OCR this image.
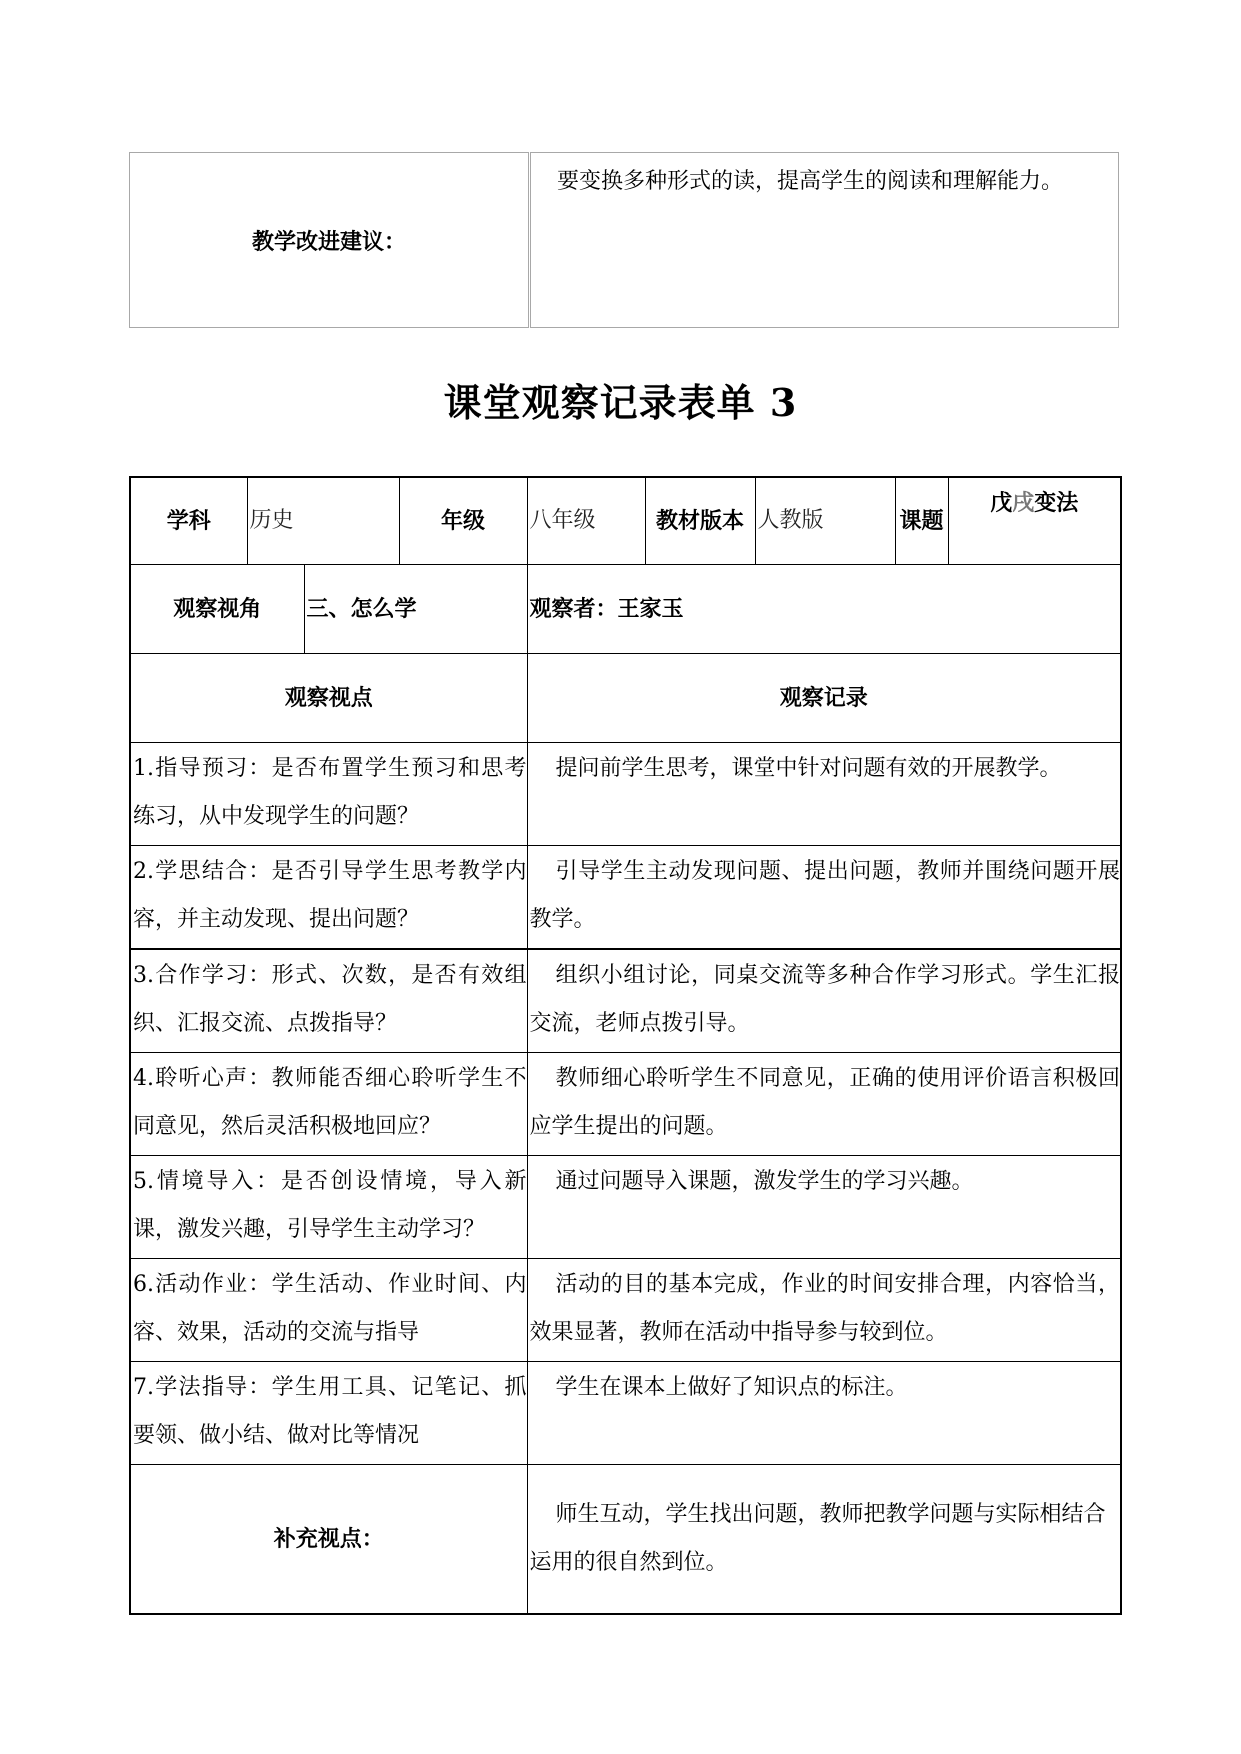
教学改进建议：	要变换多种形式的读，提高学生的阅读和理解能力。
课堂观察记录表单 3
学科	历史		年级	八年级	教材版本	人教版	课题	戊戌变法
观察视角		三、怎么学		观察者：王家玉				
观察视点				观察记录				
1.指导预习：是否布置学生预习和思考练习，从中发现学生的问题？				提问前学生思考，课堂中针对问题有效的开展教学。				
2.学思结合：是否引导学生思考教学内容，并主动发现、提出问题？				引导学生主动发现问题、提出问题，教师并围绕问题开展教学。				
3.合作学习：形式、次数，是否有效组织、汇报交流、点拨指导？				组织小组讨论，同桌交流等多种合作学习形式。学生汇报交流，老师点拨引导。				
4.聆听心声：教师能否细心聆听学生不同意见，然后灵活积极地回应？				教师细心聆听学生不同意见，正确的使用评价语言积极回应学生提出的问题。				
5.情境导入：是否创设情境，导入新课，激发兴趣，引导学生主动学习？				通过问题导入课题，激发学生的学习兴趣。				
6.活动作业：学生活动、作业时间、内容、效果，活动的交流与指导				活动的目的基本完成，作业的时间安排合理，内容恰当，效果显著，教师在活动中指导参与较到位。				
7.学法指导：学生用工具、记笔记、抓要领、做小结、做对比等情况				学生在课本上做好了知识点的标注。				
补充视点：				师生互动，学生找出问题，教师把教学问题与实际相结合运用的很自然到位。				
